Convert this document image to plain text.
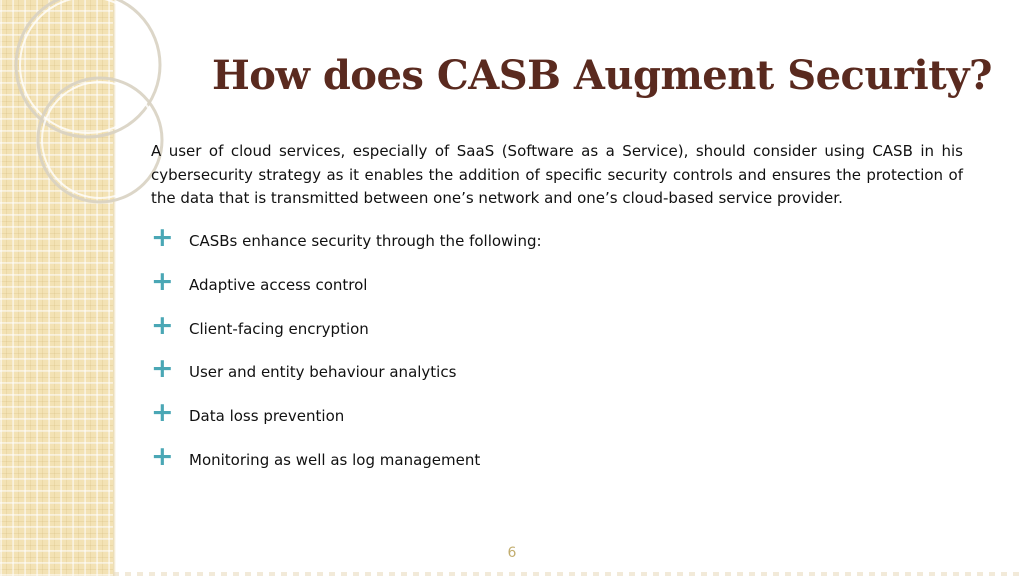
How does CASB Augment Security?

A user of cloud services, especially of SaaS (Software as a Service), should consider using CASB in his cybersecurity strategy as it enables the addition of specific security controls and ensures the protection of the data that is transmitted between one’s network and one’s cloud-based service provider.

+	CASBs enhance security through the following:
+	Adaptive access control
+	Client-facing encryption
+	User and entity behaviour analytics
+	Data loss prevention
+	Monitoring as well as log management
6
